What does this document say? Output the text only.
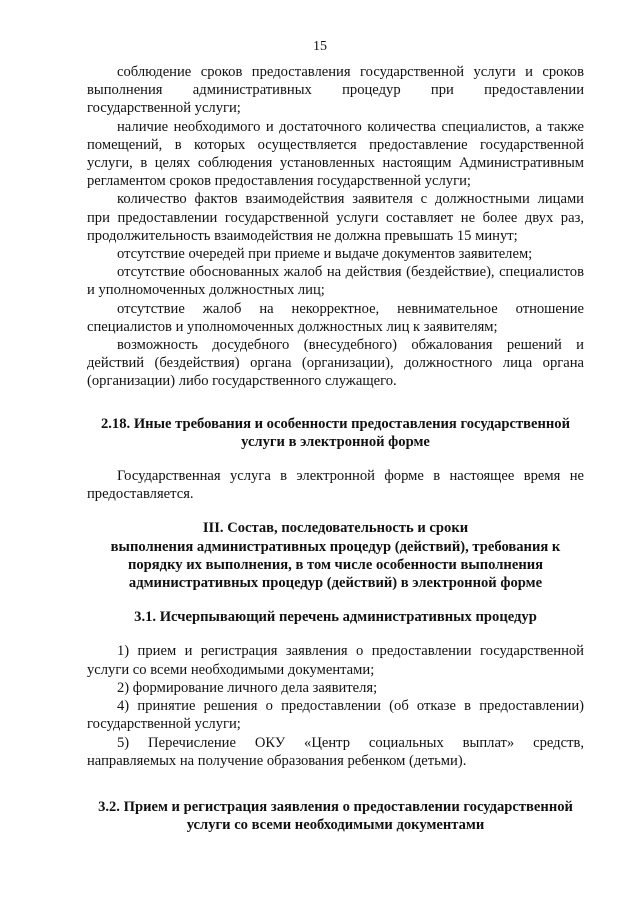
15

соблюдение сроков предоставления государственной услуги и сроков выполнения административных процедур при предоставлении государственной услуги;

наличие необходимого и достаточного количества специалистов, а также помещений, в которых осуществляется предоставление государственной услуги, в целях соблюдения установленных настоящим Административным регламентом сроков предоставления государственной услуги;

количество фактов взаимодействия заявителя с должностными лицами при предоставлении государственной услуги составляет не более двух раз, продолжительность взаимодействия не должна превышать 15 минут;

отсутствие очередей при приеме и выдаче документов заявителем;

отсутствие обоснованных жалоб на действия (бездействие), специалистов и уполномоченных должностных лиц;

отсутствие жалоб на некорректное, невнимательное отношение специалистов и уполномоченных должностных лиц к заявителям;

возможность досудебного (внесудебного) обжалования решений и действий (бездействия) органа (организации), должностного лица органа (организации) либо государственного служащего.

2.18. Иные требования и особенности предоставления государственной услуги в электронной форме

Государственная услуга в электронной форме в настоящее время не предоставляется.

III. Состав, последовательность и сроки

выполнения административных процедур (действий), требования к порядку их выполнения, в том числе особенности выполнения административных процедур (действий) в электронной форме

3.1. Исчерпывающий перечень административных процедур

1) прием и регистрация заявления о предоставлении государственной услуги со всеми необходимыми документами;

2) формирование личного дела заявителя;

4) принятие решения о предоставлении (об отказе в предоставлении) государственной услуги;

5) Перечисление ОКУ «Центр социальных выплат» средств, направляемых на получение образования ребенком (детьми).

3.2. Прием и регистрация заявления о предоставлении государственной услуги со всеми необходимыми документами
